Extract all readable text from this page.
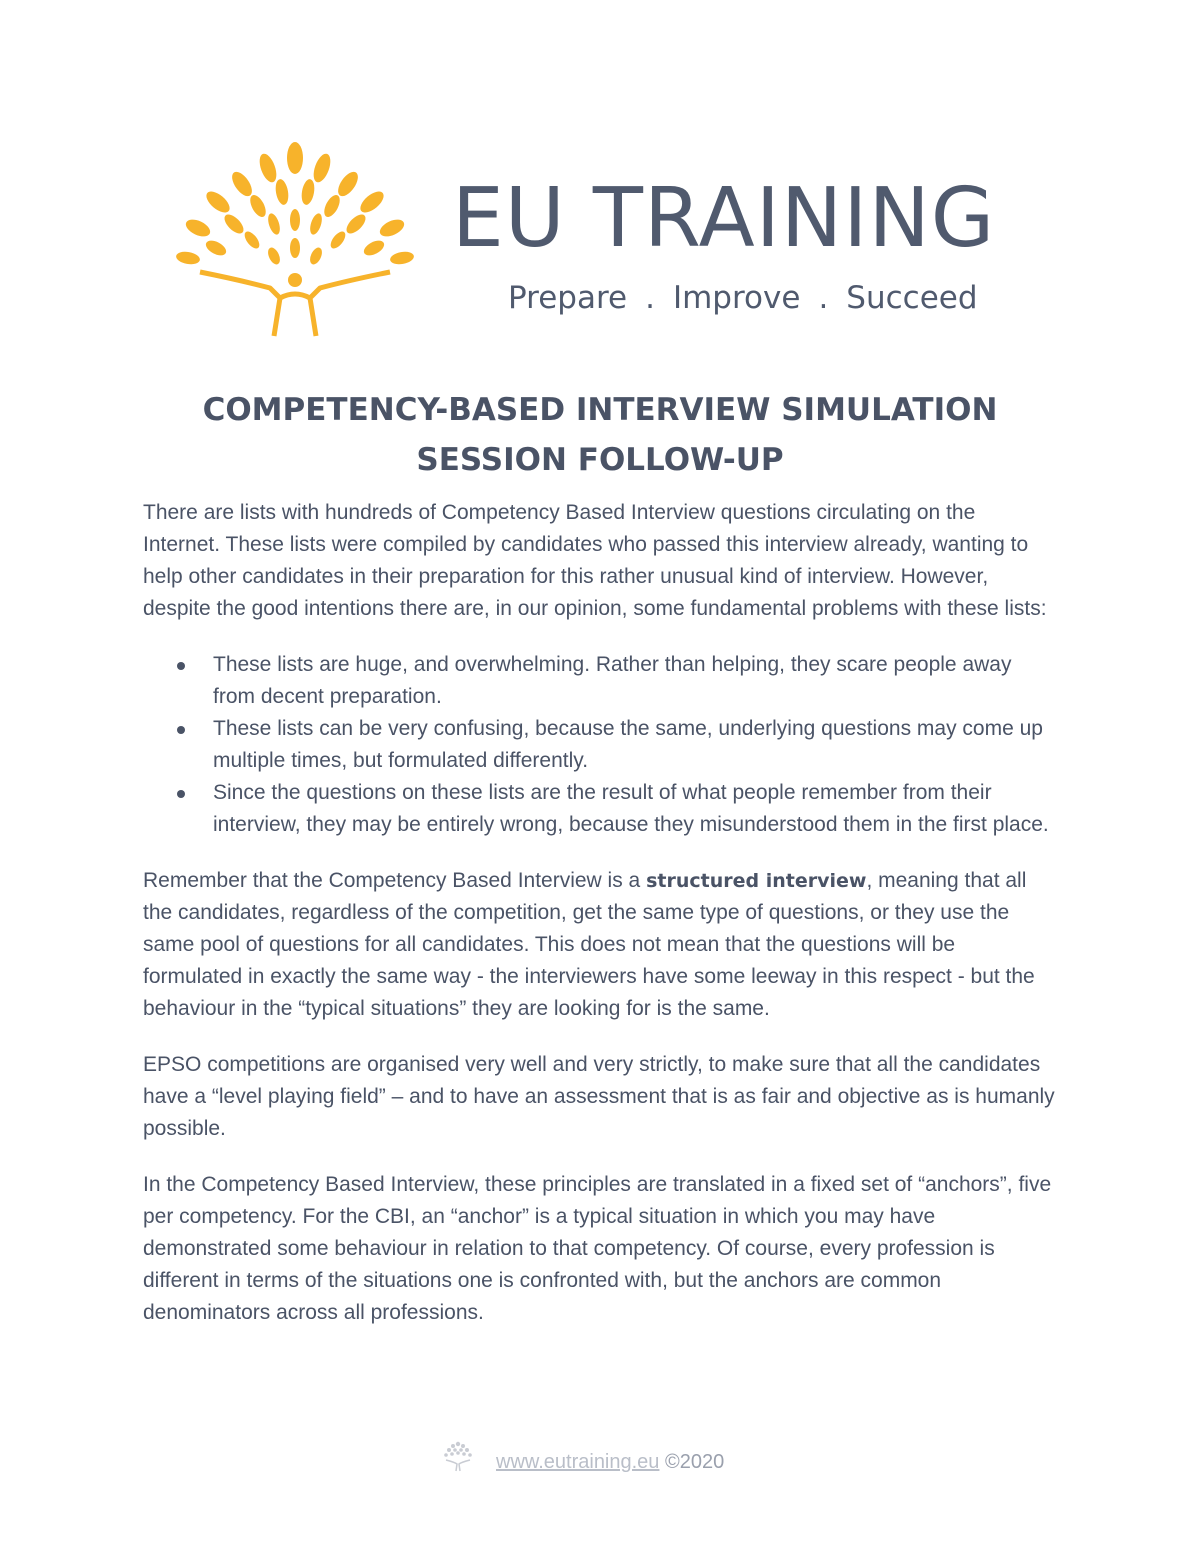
EU TRAINING
Prepare . Improve . Succeed
COMPETENCY-BASED INTERVIEW SIMULATION
SESSION FOLLOW-UP

There are lists with hundreds of Competency Based Interview questions circulating on the Internet. These lists were compiled by candidates who passed this interview already, wanting to help other candidates in their preparation for this rather unusual kind of interview. However, despite the good intentions there are, in our opinion, some fundamental problems with these lists:

These lists are huge, and overwhelming. Rather than helping, they scare people away from decent preparation.
These lists can be very confusing, because the same, underlying questions may come up multiple times, but formulated differently.
Since the questions on these lists are the result of what people remember from their interview, they may be entirely wrong, because they misunderstood them in the first place.

Remember that the Competency Based Interview is a structured interview, meaning that all the candidates, regardless of the competition, get the same type of questions, or they use the same pool of questions for all candidates. This does not mean that the questions will be formulated in exactly the same way - the interviewers have some leeway in this respect - but the behaviour in the “typical situations” they are looking for is the same.

EPSO competitions are organised very well and very strictly, to make sure that all the candidates have a “level playing field” – and to have an assessment that is as fair and objective as is humanly possible.

In the Competency Based Interview, these principles are translated in a fixed set of “anchors”, five per competency. For the CBI, an “anchor” is a typical situation in which you may have demonstrated some behaviour in relation to that competency. Of course, every profession is different in terms of the situations one is confronted with, but the anchors are common denominators across all professions.

www.eutraining.eu ©2020
